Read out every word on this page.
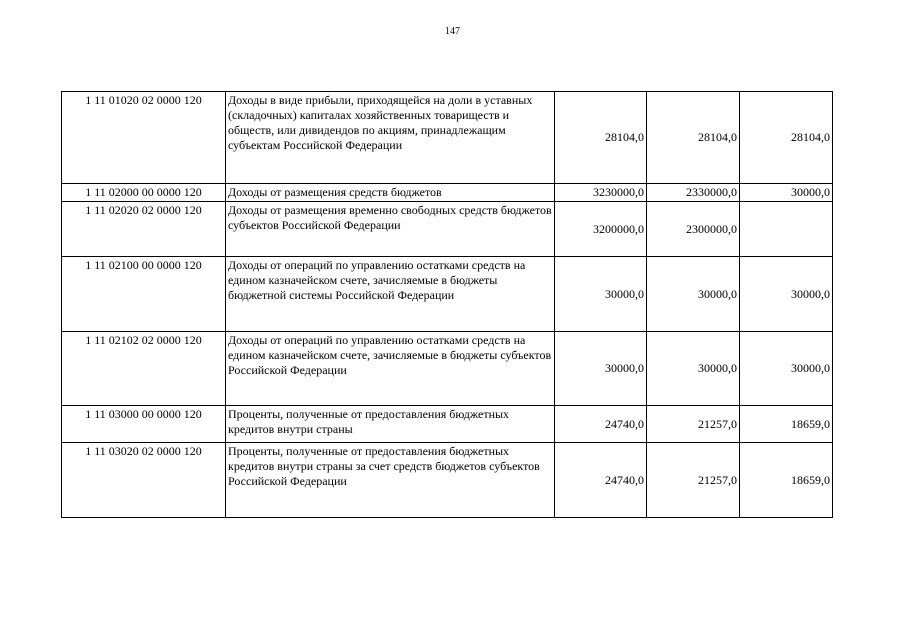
147
1 11 01020 02 0000 120	Доходы в виде прибыли, приходящейся на доли в уставных (складочных) капиталах хозяйственных товариществ и обществ, или дивидендов по акциям, принадлежащим субъектам Российской Федерации	28104,0	28104,0	28104,0
1 11 02000 00 0000 120	Доходы от размещения средств бюджетов	3230000,0	2330000,0	30000,0
1 11 02020 02 0000 120	Доходы от размещения временно свободных средств бюджетов субъектов Российской Федерации	3200000,0	2300000,0	
1 11 02100 00 0000 120	Доходы от операций по управлению остатками средств на едином казначейском счете, зачисляемые в бюджеты бюджетной системы Российской Федерации	30000,0	30000,0	30000,0
1 11 02102 02 0000 120	Доходы от операций по управлению остатками средств на едином казначейском счете, зачисляемые в бюджеты субъектов Российской Федерации	30000,0	30000,0	30000,0
1 11 03000 00 0000 120	Проценты, полученные от предоставления бюджетных кредитов внутри страны	24740,0	21257,0	18659,0
1 11 03020 02 0000 120	Проценты, полученные от предоставления бюджетных кредитов внутри страны за счет средств бюджетов субъектов Российской Федерации	24740,0	21257,0	18659,0
